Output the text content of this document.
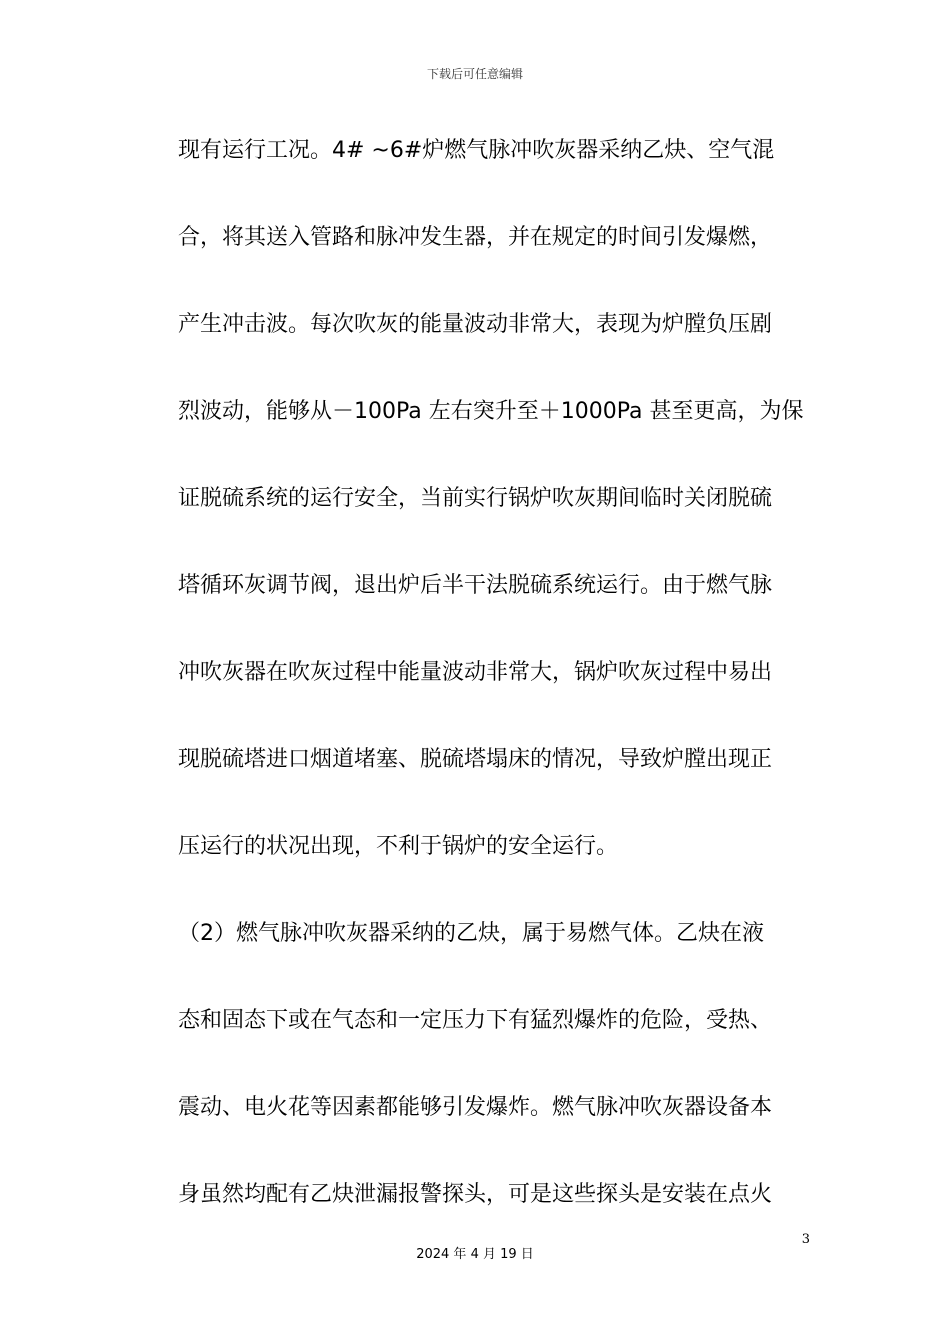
下载后可任意编辑
现有运行工况。4# ~6#炉燃气脉冲吹灰器采纳乙炔、空气混
合，将其送入管路和脉冲发生器，并在规定的时间引发爆燃，
产生冲击波。每次吹灰的能量波动非常大，表现为炉膛负压剧
烈波动，能够从－100Pa 左右突升至＋1000Pa 甚至更高，为保
证脱硫系统的运行安全，当前实行锅炉吹灰期间临时关闭脱硫
塔循环灰调节阀，退出炉后半干法脱硫系统运行。由于燃气脉
冲吹灰器在吹灰过程中能量波动非常大，锅炉吹灰过程中易出
现脱硫塔进口烟道堵塞、脱硫塔塌床的情况，导致炉膛出现正
压运行的状况出现，不利于锅炉的安全运行。
（2）燃气脉冲吹灰器采纳的乙炔，属于易燃气体。乙炔在液
态和固态下或在气态和一定压力下有猛烈爆炸的危险，受热、
震动、电火花等因素都能够引发爆炸。燃气脉冲吹灰器设备本
身虽然均配有乙炔泄漏报警探头，可是这些探头是安装在点火
3
2024 年 4 月 19 日
